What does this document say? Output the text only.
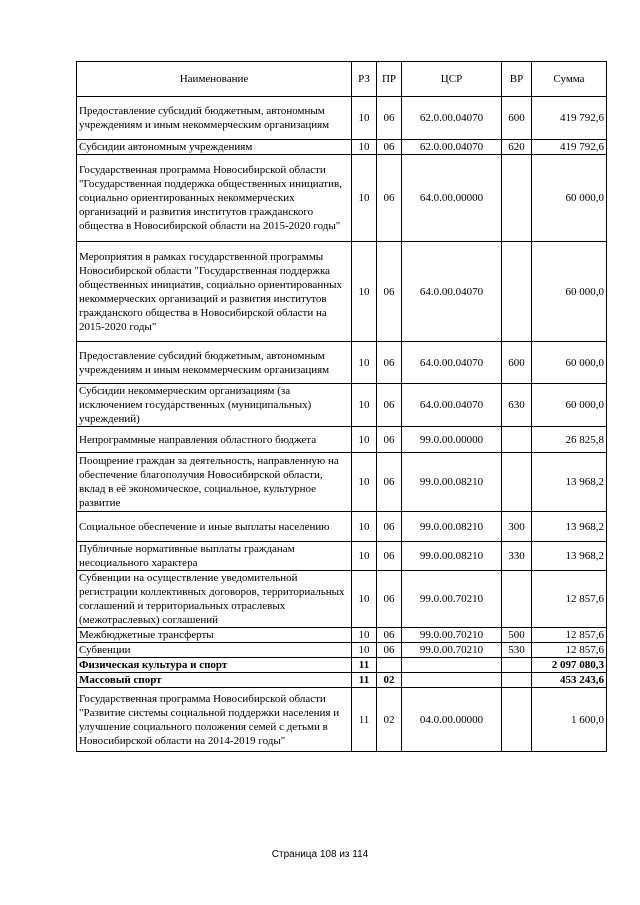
Наименование	РЗ	ПР	ЦСР	ВР	Сумма
Предоставление субсидий бюджетным, автономным учреждениям и иным некоммерческим организациям	10	06	62.0.00.04070	600	419 792,6
Субсидии автономным учреждениям	10	06	62.0.00.04070	620	419 792,6
Государственная программа Новосибирской области "Государственная поддержка общественных инициатив, социально ориентированных некоммерческих организаций и развития институтов гражданского общества в Новосибирской области на 2015-2020 годы"	10	06	64.0.00.00000		60 000,0
Мероприятия в рамках государственной программы Новосибирской области "Государственная поддержка общественных инициатив, социально ориентированных некоммерческих организаций и развития институтов гражданского общества в Новосибирской области на 2015-2020 годы"	10	06	64.0.00.04070		60 000,0
Предоставление субсидий бюджетным, автономным учреждениям и иным некоммерческим организациям	10	06	64.0.00.04070	600	60 000,0
Субсидии некоммерческим организациям (за исключением государственных (муниципальных) учреждений)	10	06	64.0.00.04070	630	60 000,0
Непрограммные направления областного бюджета	10	06	99.0.00.00000		26 825,8
Поощрение граждан за деятельность, направленную на обеспечение благополучия Новосибирской области, вклад в её экономическое, социальное, культурное развитие	10	06	99.0.00.08210		13 968,2
Социальное обеспечение и иные выплаты населению	10	06	99.0.00.08210	300	13 968,2
Публичные нормативные выплаты гражданам несоциального характера	10	06	99.0.00.08210	330	13 968,2
Субвенции на осуществление уведомительной регистрации коллективных договоров, территориальных соглашений и территориальных отраслевых (межотраслевых) соглашений	10	06	99.0.00.70210		12 857,6
Межбюджетные трансферты	10	06	99.0.00.70210	500	12 857,6
Субвенции	10	06	99.0.00.70210	530	12 857,6
Физическая культура и спорт	11				2 097 080,3
Массовый спорт	11	02			453 243,6
Государственная программа Новосибирской области "Развитие системы социальной поддержки населения и улучшение социального положения семей с детьми в Новосибирской области на 2014-2019 годы"	11	02	04.0.00.00000		1 600,0
Страница 108 из 114
